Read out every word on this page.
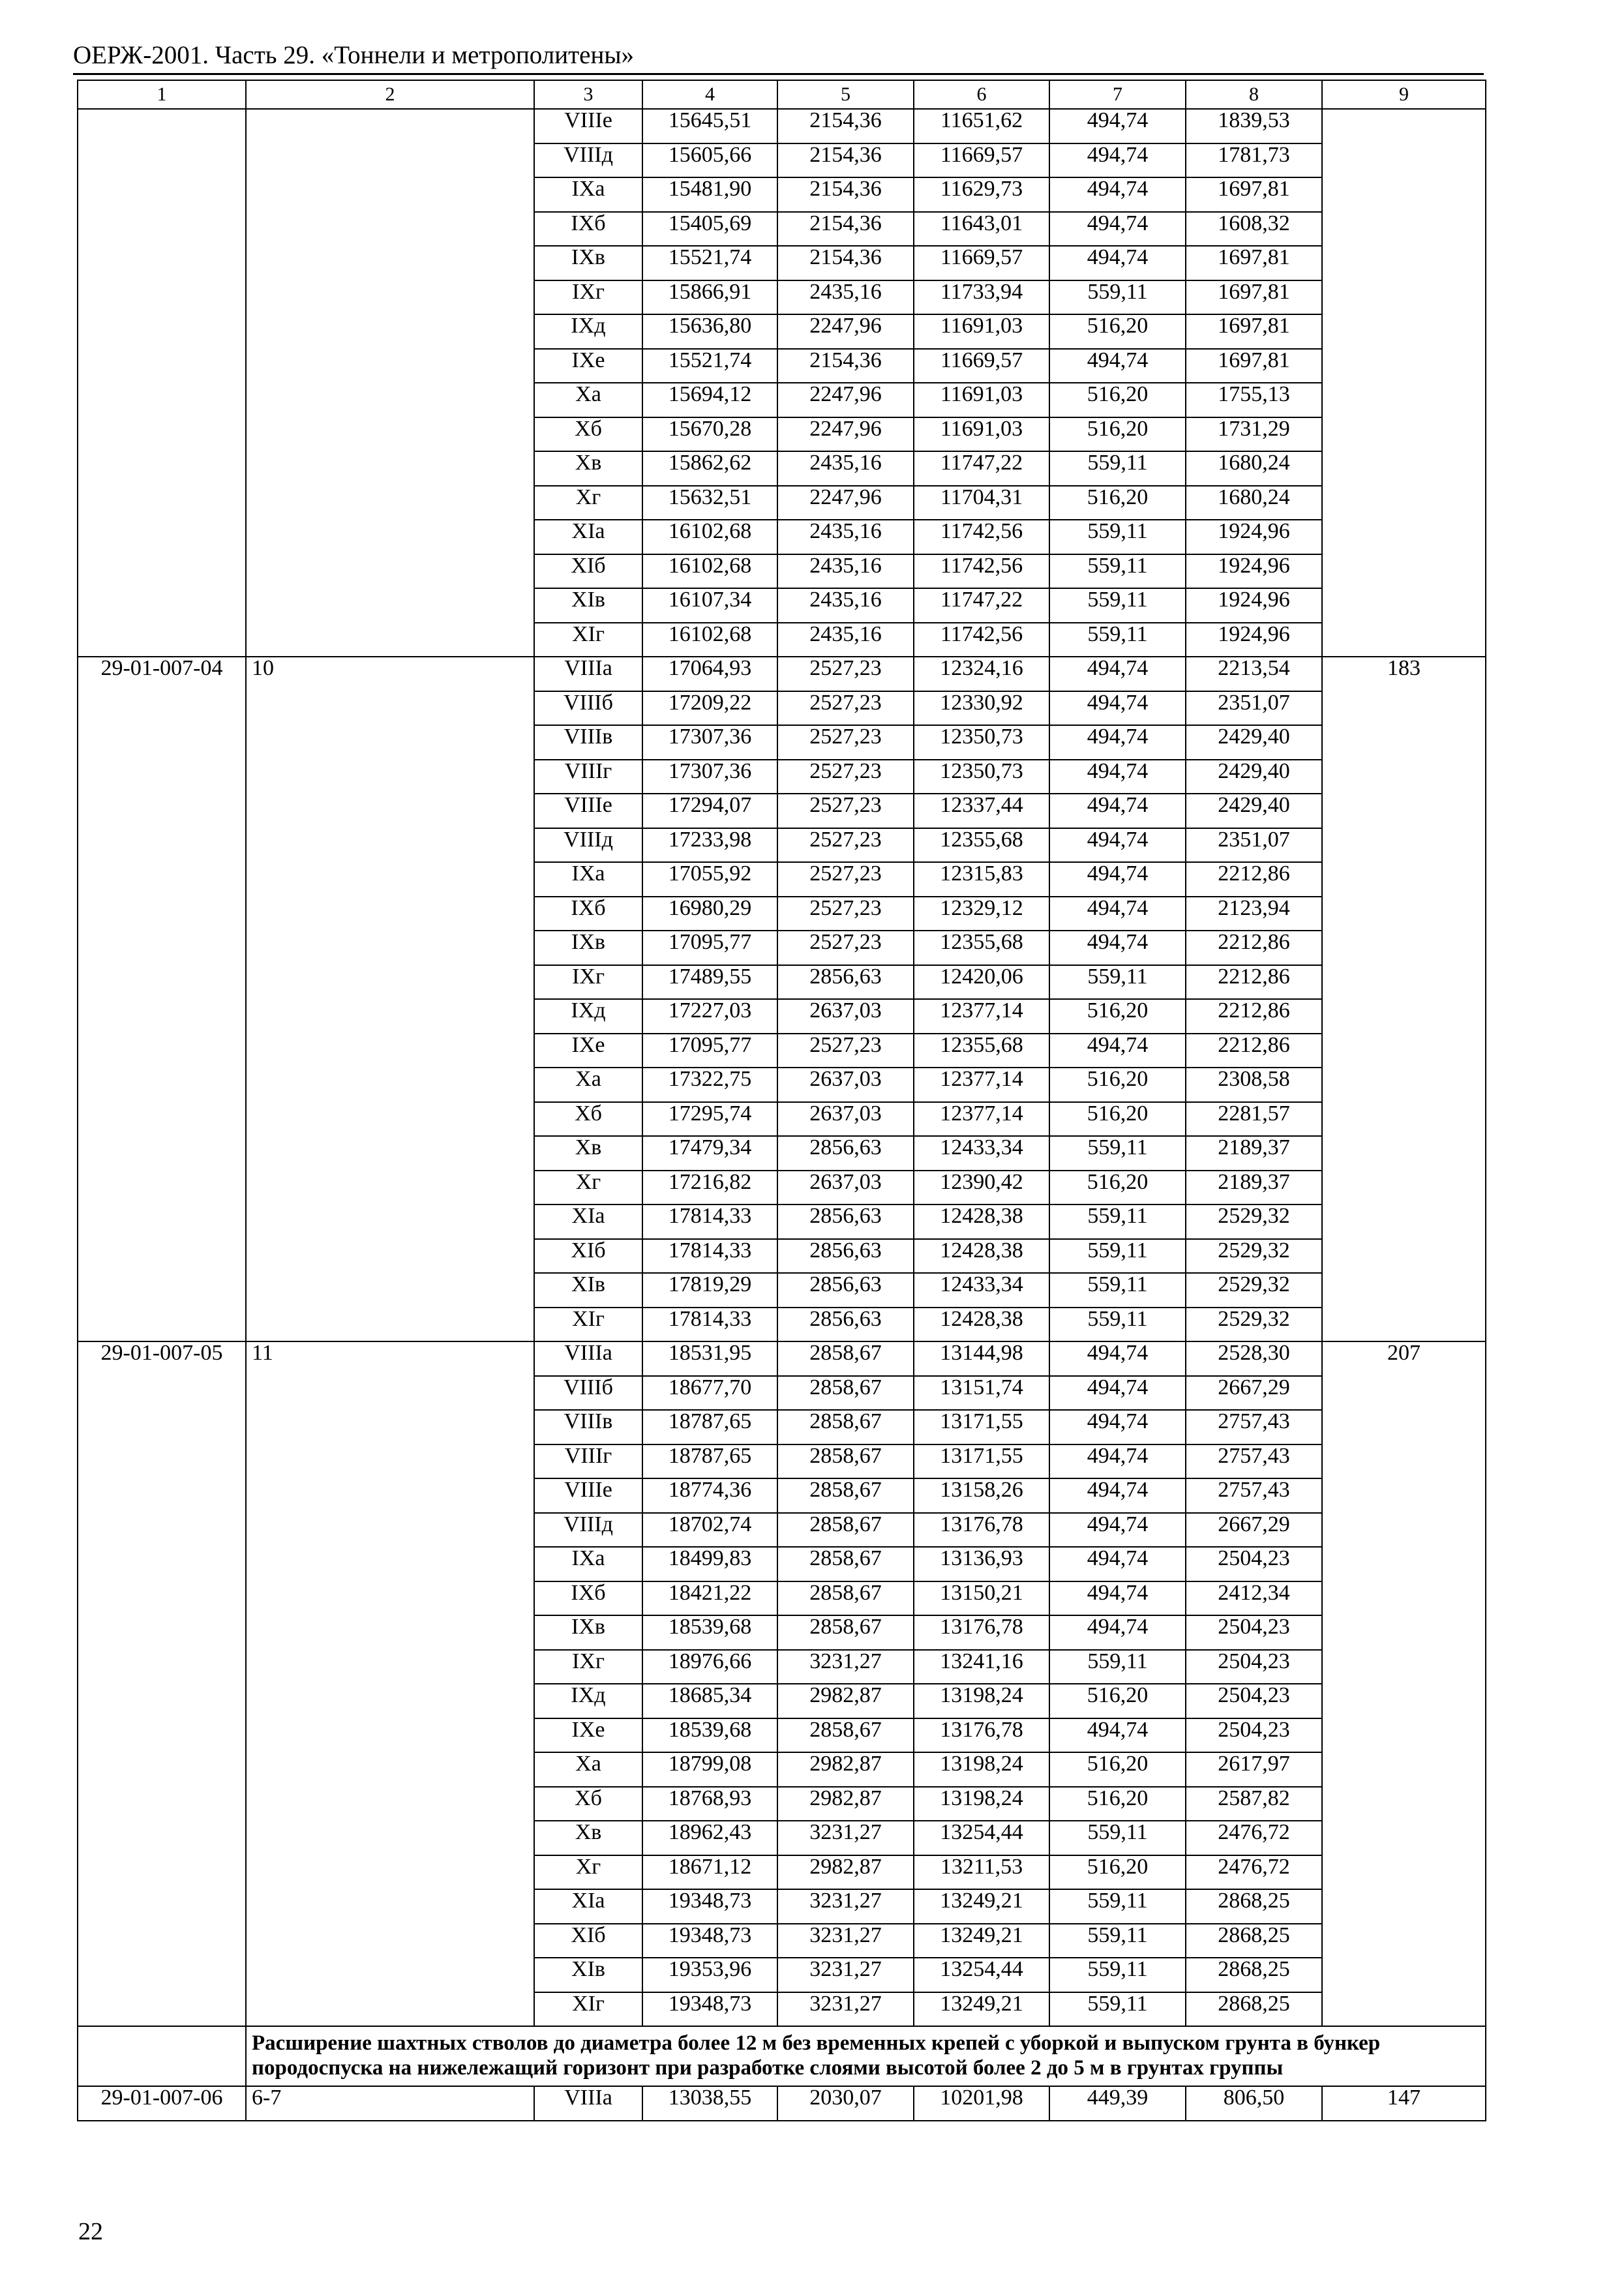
ОЕРЖ-2001. Часть 29. «Тоннели и метрополитены»
1	2	3	4	5	6	7	8	9
		VIIIе	15645,51	2154,36	11651,62	494,74	1839,53	
		VIIIд	15605,66	2154,36	11669,57	494,74	1781,73	
		IXа	15481,90	2154,36	11629,73	494,74	1697,81	
		IXб	15405,69	2154,36	11643,01	494,74	1608,32	
		IXв	15521,74	2154,36	11669,57	494,74	1697,81	
		IXг	15866,91	2435,16	11733,94	559,11	1697,81	
		IXд	15636,80	2247,96	11691,03	516,20	1697,81	
		IXе	15521,74	2154,36	11669,57	494,74	1697,81	
		Xа	15694,12	2247,96	11691,03	516,20	1755,13	
		Xб	15670,28	2247,96	11691,03	516,20	1731,29	
		Xв	15862,62	2435,16	11747,22	559,11	1680,24	
		Xг	15632,51	2247,96	11704,31	516,20	1680,24	
		XIа	16102,68	2435,16	11742,56	559,11	1924,96	
		XIб	16102,68	2435,16	11742,56	559,11	1924,96	
		XIв	16107,34	2435,16	11747,22	559,11	1924,96	
		XIг	16102,68	2435,16	11742,56	559,11	1924,96	
29-01-007-04	10	VIIIа	17064,93	2527,23	12324,16	494,74	2213,54	183
		VIIIб	17209,22	2527,23	12330,92	494,74	2351,07	
		VIIIв	17307,36	2527,23	12350,73	494,74	2429,40	
		VIIIг	17307,36	2527,23	12350,73	494,74	2429,40	
		VIIIе	17294,07	2527,23	12337,44	494,74	2429,40	
		VIIIд	17233,98	2527,23	12355,68	494,74	2351,07	
		IXа	17055,92	2527,23	12315,83	494,74	2212,86	
		IXб	16980,29	2527,23	12329,12	494,74	2123,94	
		IXв	17095,77	2527,23	12355,68	494,74	2212,86	
		IXг	17489,55	2856,63	12420,06	559,11	2212,86	
		IXд	17227,03	2637,03	12377,14	516,20	2212,86	
		IXе	17095,77	2527,23	12355,68	494,74	2212,86	
		Xа	17322,75	2637,03	12377,14	516,20	2308,58	
		Xб	17295,74	2637,03	12377,14	516,20	2281,57	
		Xв	17479,34	2856,63	12433,34	559,11	2189,37	
		Xг	17216,82	2637,03	12390,42	516,20	2189,37	
		XIа	17814,33	2856,63	12428,38	559,11	2529,32	
		XIб	17814,33	2856,63	12428,38	559,11	2529,32	
		XIв	17819,29	2856,63	12433,34	559,11	2529,32	
		XIг	17814,33	2856,63	12428,38	559,11	2529,32	
29-01-007-05	11	VIIIа	18531,95	2858,67	13144,98	494,74	2528,30	207
		VIIIб	18677,70	2858,67	13151,74	494,74	2667,29	
		VIIIв	18787,65	2858,67	13171,55	494,74	2757,43	
		VIIIг	18787,65	2858,67	13171,55	494,74	2757,43	
		VIIIе	18774,36	2858,67	13158,26	494,74	2757,43	
		VIIIд	18702,74	2858,67	13176,78	494,74	2667,29	
		IXа	18499,83	2858,67	13136,93	494,74	2504,23	
		IXб	18421,22	2858,67	13150,21	494,74	2412,34	
		IXв	18539,68	2858,67	13176,78	494,74	2504,23	
		IXг	18976,66	3231,27	13241,16	559,11	2504,23	
		IXд	18685,34	2982,87	13198,24	516,20	2504,23	
		IXе	18539,68	2858,67	13176,78	494,74	2504,23	
		Xа	18799,08	2982,87	13198,24	516,20	2617,97	
		Xб	18768,93	2982,87	13198,24	516,20	2587,82	
		Xв	18962,43	3231,27	13254,44	559,11	2476,72	
		Xг	18671,12	2982,87	13211,53	516,20	2476,72	
		XIа	19348,73	3231,27	13249,21	559,11	2868,25	
		XIб	19348,73	3231,27	13249,21	559,11	2868,25	
		XIв	19353,96	3231,27	13254,44	559,11	2868,25	
		XIг	19348,73	3231,27	13249,21	559,11	2868,25	
	Расширение шахтных стволов до диаметра более 12 м без временных крепей с уборкой и выпуском грунта в бункер породоспуска на нижележащий горизонт при разработке слоями высотой более 2 до 5 м в грунтах группы							
29-01-007-06	6-7	VIIIа	13038,55	2030,07	10201,98	449,39	806,50	147
22
